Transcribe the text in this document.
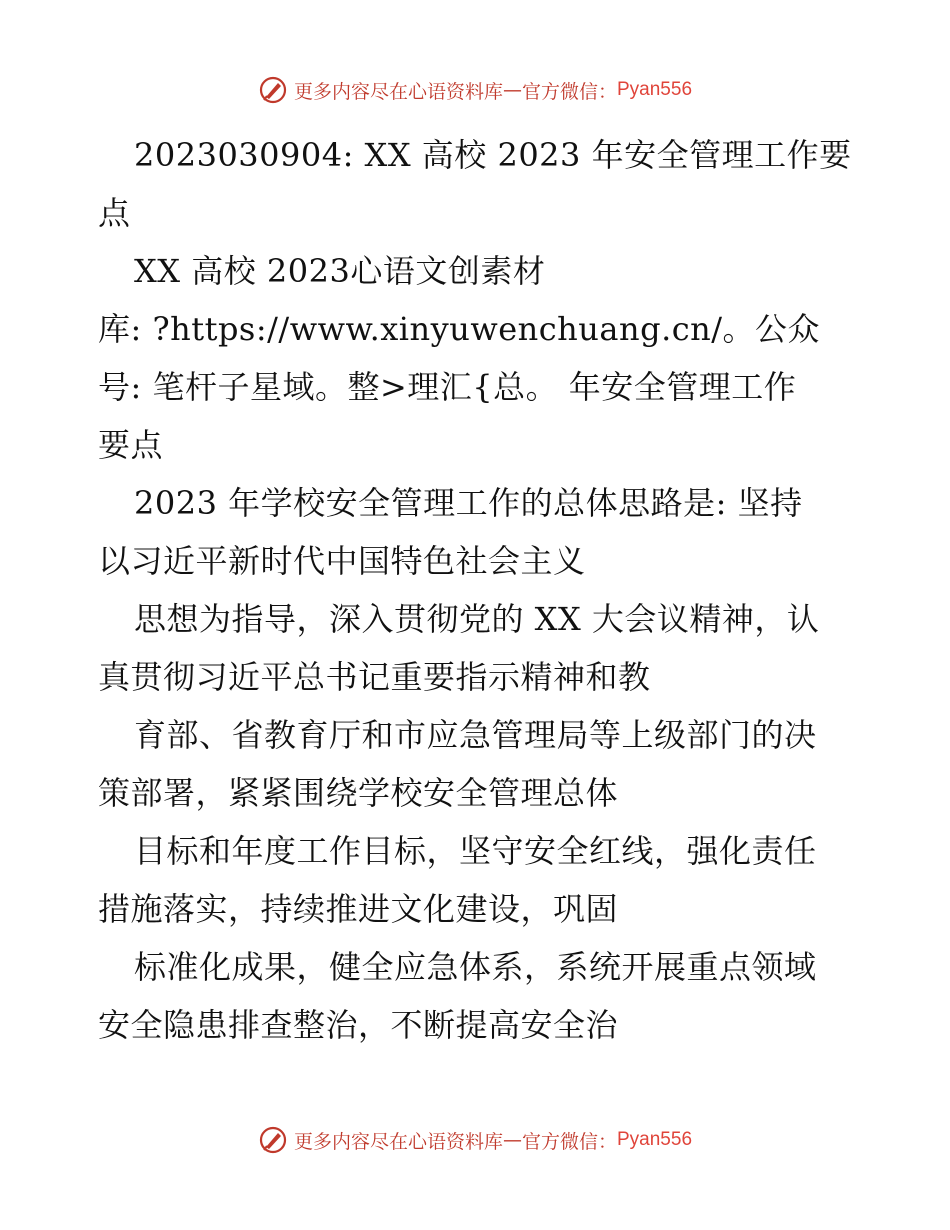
更多内容尽在心语资料库 — 官方微信： Pyan556
2023030904: XX 高校 2023 年安全管理工作要
点
XX 高校 2023心语文创素材
库: ?https://www.xinyuwenchuang.cn/。公众
号: 笔杆子星域。整>理汇{总。 年安全管理工作
要点
2023 年学校安全管理工作的总体思路是: 坚持
以习近平新时代中国特色社会主义
思想为指导，深入贯彻党的 XX 大会议精神，认
真贯彻习近平总书记重要指示精神和教
育部、省教育厅和市应急管理局等上级部门的决
策部署，紧紧围绕学校安全管理总体
目标和年度工作目标，坚守安全红线，强化责任
措施落实，持续推进文化建设，巩固
标准化成果，健全应急体系，系统开展重点领域
安全隐患排查整治，不断提高安全治
更多内容尽在心语资料库 — 官方微信： Pyan556
